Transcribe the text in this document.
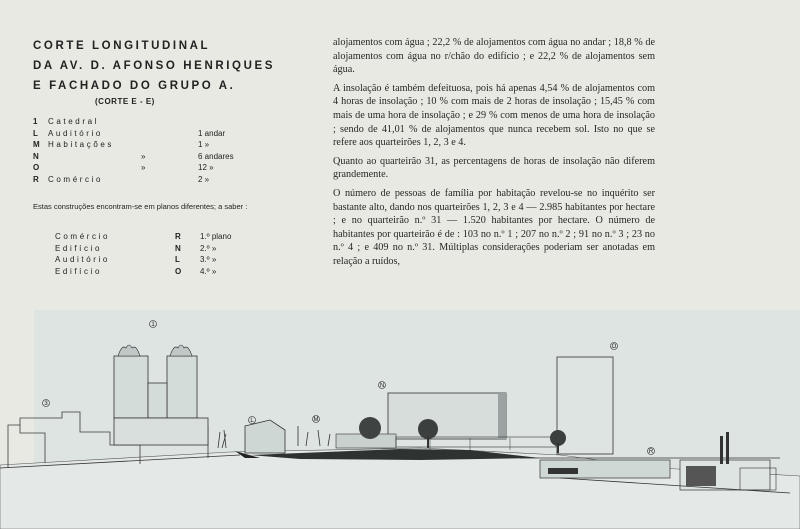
CORTE LONGITUDINAL
DA AV. D. AFONSO HENRIQUES
E FACHADO DO GRUPO A.
(CORTE E - E)
1 Catedral
L Auditório	1 andar
M Habitações	1 »
N	»	6 andares
O	»	12 »
R Comércio	2 »
Estas construções encontram-se em planos diferentes; a saber :
Comércio	R 1.º plano
Edifício	N 2.º »
Auditório	L	3.º »
Edifício	O 4.º »

alojamentos com água ; 22,2 % de alojamentos com água no andar ; 18,8 % de alojamentos com água no r/chão do edifício ; e 22,2 % de alojamentos sem água.

A insolação é também defeituosa, pois há apenas 4,54 % de alojamentos com 4 horas de insolação ; 10 % com mais de 2 horas de insolação ; 15,45 % com mais de uma hora de insolação ; e 29 % com menos de uma hora de insolação ; sendo de 41,01 % de alojamentos que nunca recebem sol. Isto no que se refere aos quarteirões 1, 2, 3 e 4.

Quanto ao quarteirão 31, as percentagens de horas de insolação não diferem grandemente.

O número de pessoas de família por habitação revelou-se no inquérito ser bastante alto, dando nos quarteirões 1, 2, 3 e 4 — 2.985 habitantes por hectare ; e no quarteirão n.º 31 — 1.520 habitantes por hectare. O número de habitantes por quarteirão é de : 103 no n.º 1 ; 207 no n.º 2 ; 91 no n.º 3 ; 23 no n.º 4 ; e 409 no n.º 31. Múltiplas considerações poderiam ser anotadas em relação a ruídos,

1
L
N
O
R
M
3
